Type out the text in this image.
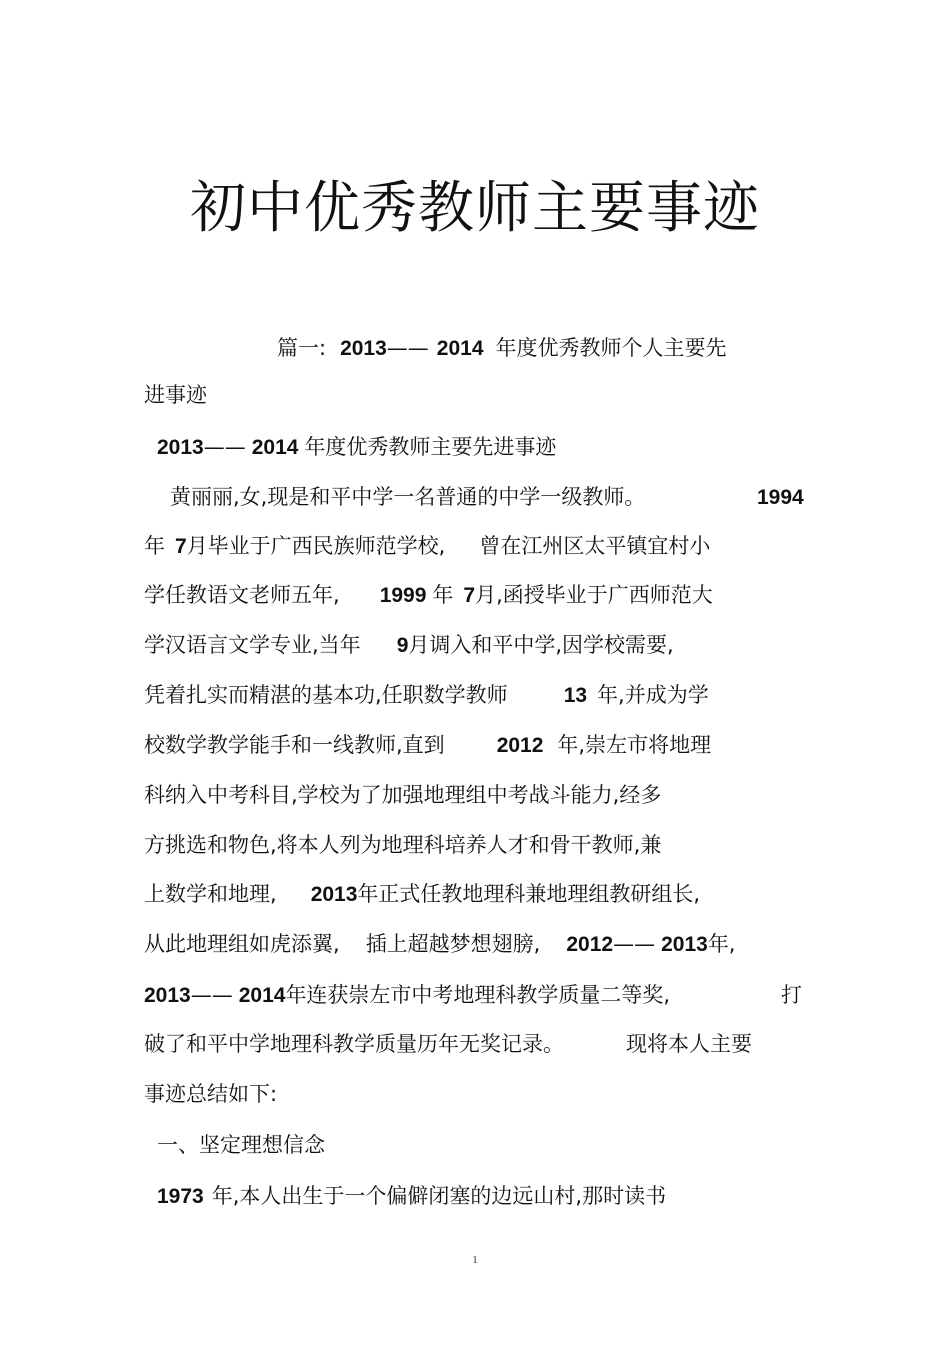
初中优秀教师主要事迹
篇一: 2013—— 2014 年度优秀教师个人主要先
进事迹
2013—— 2014 年度优秀教师主要先进事迹
黄丽丽,女,现是和平中学一名普通的中学一级教师。	1994
年 7月毕业于广西民族师范学校, 曾在江州区太平镇宜村小
学任教语文老师五年, 1999 年 7月,函授毕业于广西师范大
学汉语言文学专业,当年 9月调入和平中学,因学校需要,
凭着扎实而精湛的基本功,任职数学教师	13 年,并成为学
校数学教学能手和一线教师,直到 2012 年,崇左市将地理
科纳入中考科目,学校为了加强地理组中考战斗能力,经多
方挑选和物色,将本人列为地理科培养人才和骨干教师,兼
上数学和地理, 2013年正式任教地理科兼地理组教研组长,
从此地理组如虎添翼, 插上超越梦想翅膀, 2012—— 2013年,
2013—— 2014年连获崇左市中考地理科教学质量二等奖,	打
破了和平中学地理科教学质量历年无奖记录。	现将本人主要
事迹总结如下:
一、坚定理想信念
1973 年,本人出生于一个偏僻闭塞的边远山村,那时读书
1
